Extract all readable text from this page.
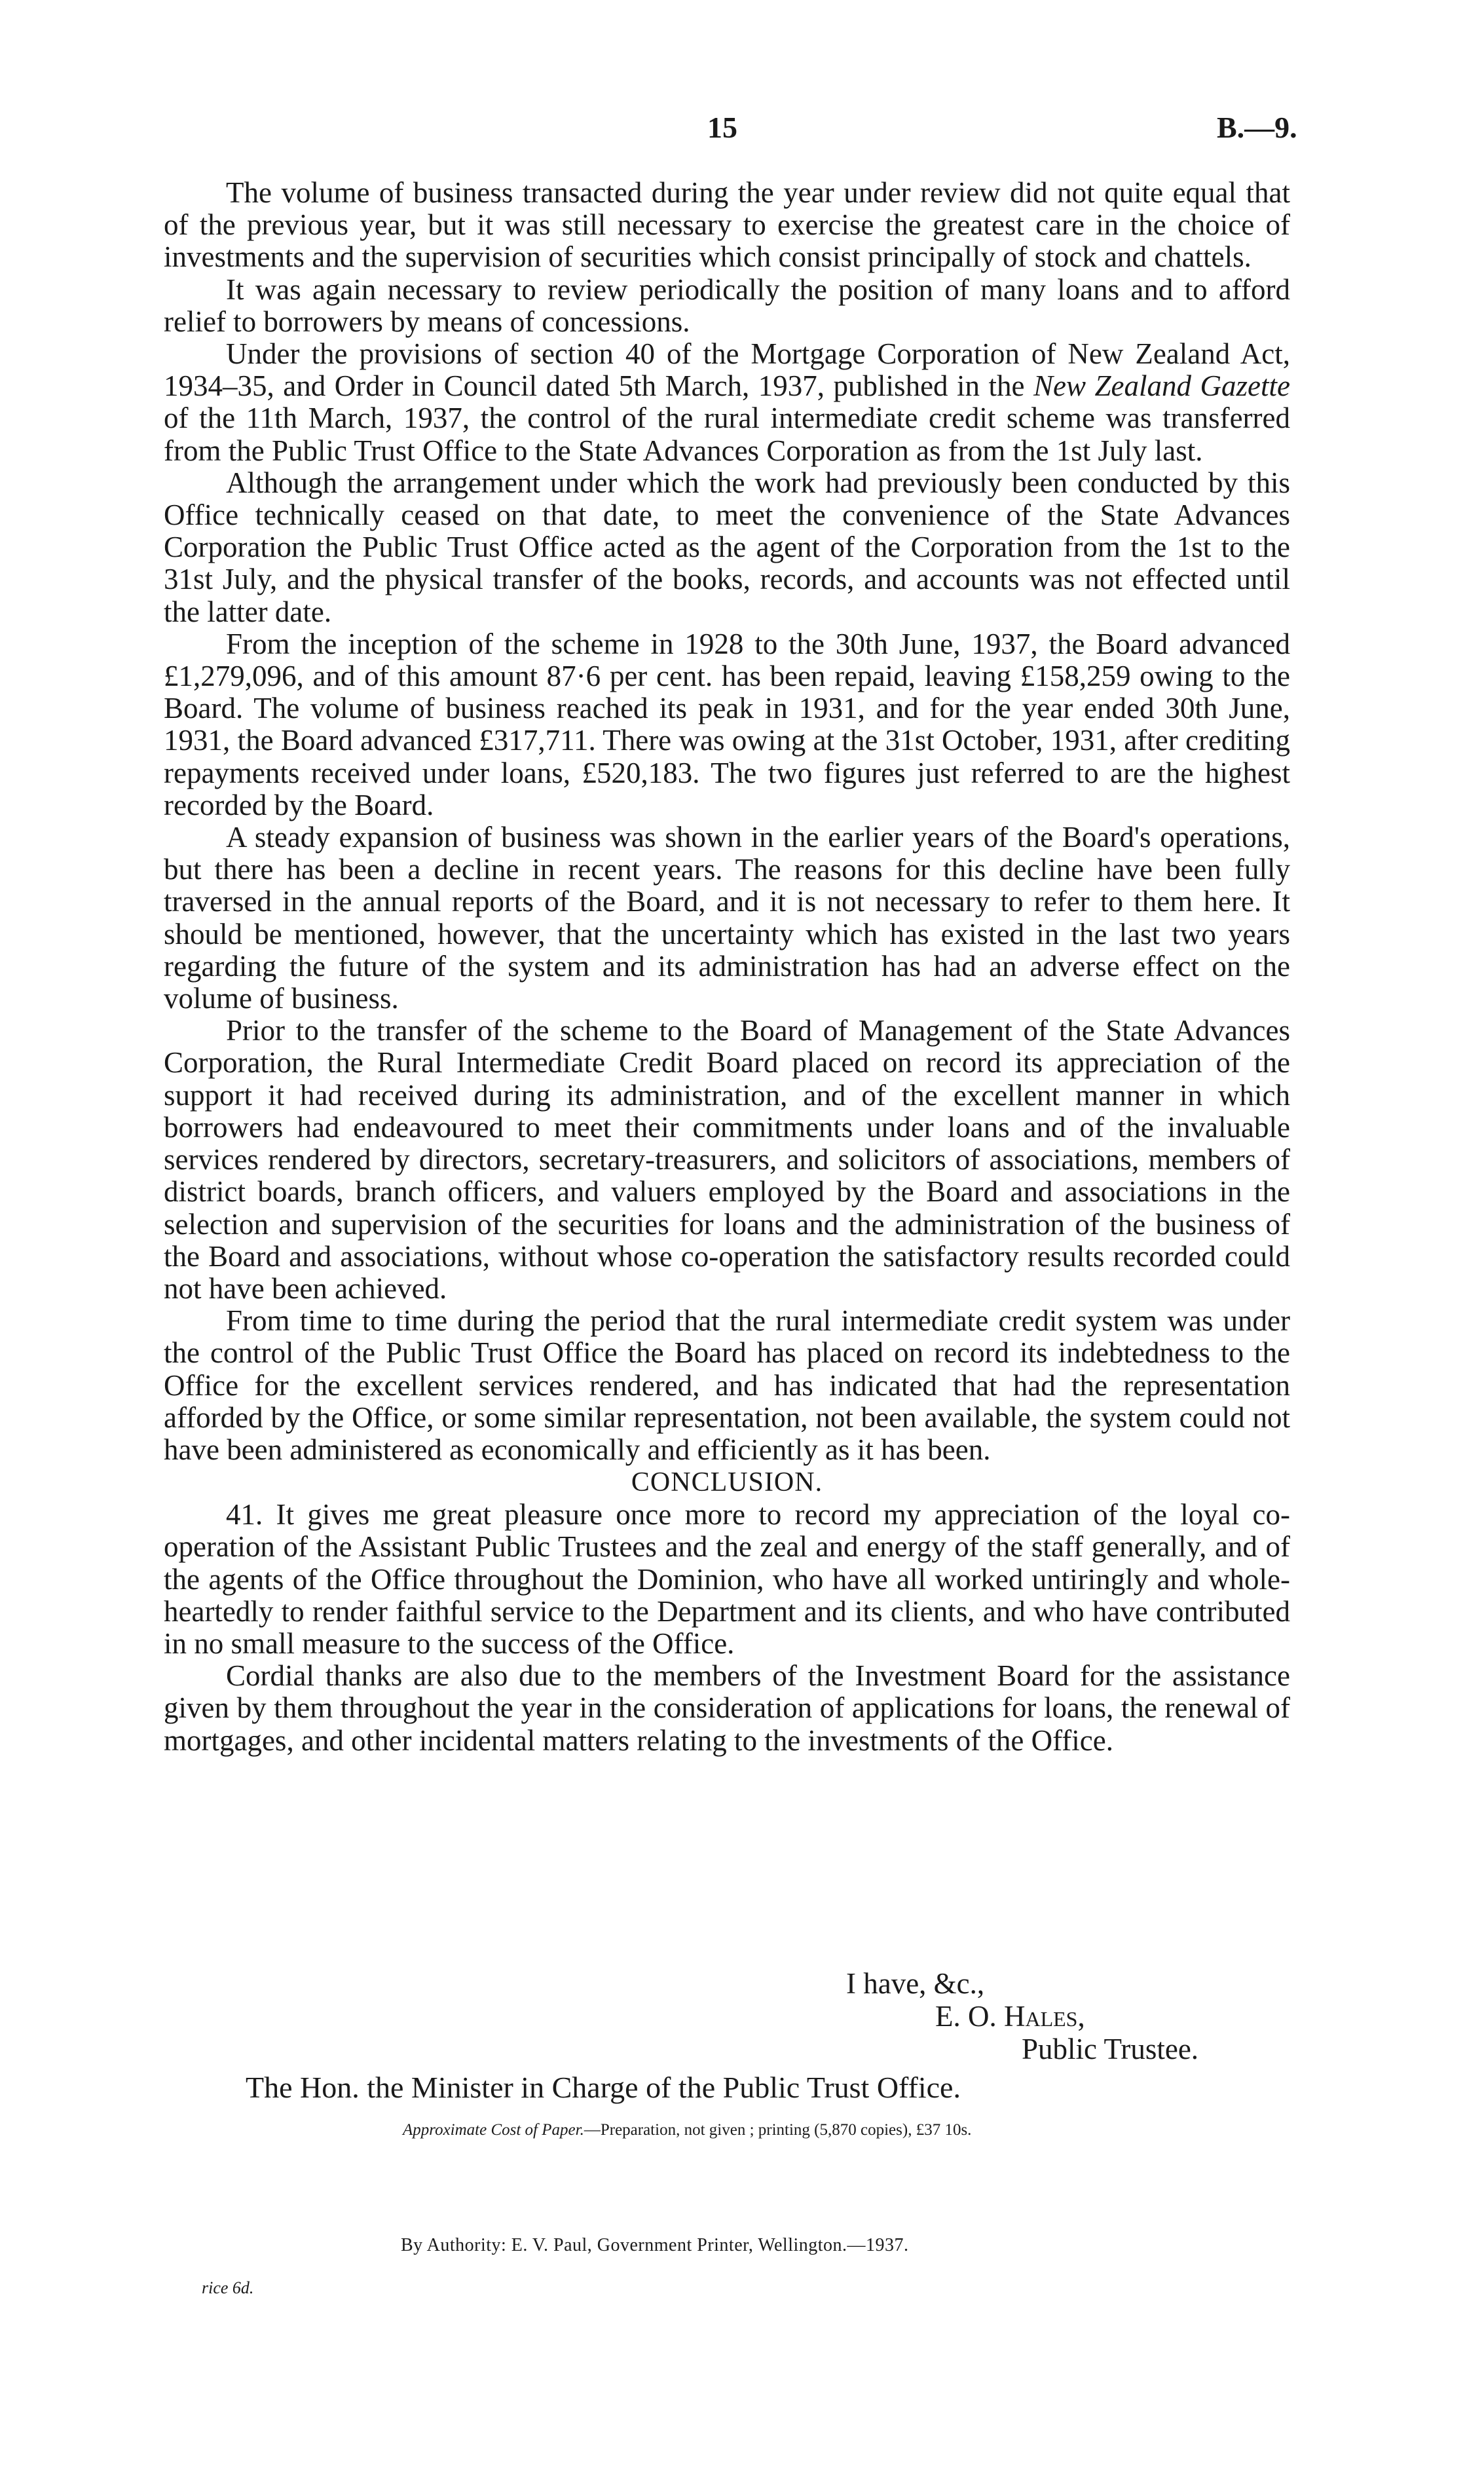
15	B.—9.

The volume of business transacted during the year under review did not quite equal that of the previous year, but it was still necessary to exercise the greatest care in the choice of investments and the supervision of securities which consist principally of stock and chattels.

It was again necessary to review periodically the position of many loans and to afford relief to borrowers by means of concessions.

Under the provisions of section 40 of the Mortgage Corporation of New Zealand Act, 1934–35, and Order in Council dated 5th March, 1937, published in the New Zealand Gazette of the 11th March, 1937, the control of the rural intermediate credit scheme was transferred from the Public Trust Office to the State Advances Corporation as from the 1st July last.

Although the arrangement under which the work had previously been conducted by this Office technically ceased on that date, to meet the convenience of the State Advances Corporation the Public Trust Office acted as the agent of the Corporation from the 1st to the 31st July, and the physical transfer of the books, records, and accounts was not effected until the latter date.

From the inception of the scheme in 1928 to the 30th June, 1937, the Board advanced £1,279,096, and of this amount 87·6 per cent. has been repaid, leaving £158,259 owing to the Board. The volume of business reached its peak in 1931, and for the year ended 30th June, 1931, the Board advanced £317,711. There was owing at the 31st October, 1931, after crediting repayments received under loans, £520,183. The two figures just referred to are the highest recorded by the Board.

A steady expansion of business was shown in the earlier years of the Board's operations, but there has been a decline in recent years. The reasons for this decline have been fully traversed in the annual reports of the Board, and it is not necessary to refer to them here. It should be mentioned, however, that the uncertainty which has existed in the last two years regarding the future of the system and its administration has had an adverse effect on the volume of business.

Prior to the transfer of the scheme to the Board of Management of the State Advances Corporation, the Rural Intermediate Credit Board placed on record its appreciation of the support it had received during its administration, and of the excellent manner in which borrowers had endeavoured to meet their commitments under loans and of the invaluable services rendered by directors, secretary-treasurers, and solicitors of associations, members of district boards, branch officers, and valuers employed by the Board and associations in the selection and supervision of the securities for loans and the administration of the business of the Board and associations, without whose co-operation the satisfactory results recorded could not have been achieved.

From time to time during the period that the rural intermediate credit system was under the control of the Public Trust Office the Board has placed on record its indebtedness to the Office for the excellent services rendered, and has indicated that had the representation afforded by the Office, or some similar representation, not been available, the system could not have been administered as economically and efficiently as it has been.

CONCLUSION.

41. It gives me great pleasure once more to record my appreciation of the loyal co-operation of the Assistant Public Trustees and the zeal and energy of the staff generally, and of the agents of the Office throughout the Dominion, who have all worked untiringly and whole-heartedly to render faithful service to the Department and its clients, and who have contributed in no small measure to the success of the Office.

Cordial thanks are also due to the members of the Investment Board for the assistance given by them throughout the year in the consideration of applications for loans, the renewal of mortgages, and other incidental matters relating to the investments of the Office.

I have, &c.,

E. O. Hales,

Public Trustee.

The Hon. the Minister in Charge of the Public Trust Office.

Approximate Cost of Paper.—Preparation, not given ; printing (5,870 copies), £37 10s.

By Authority: E. V. Paul, Government Printer, Wellington.—1937.

rice 6d.
